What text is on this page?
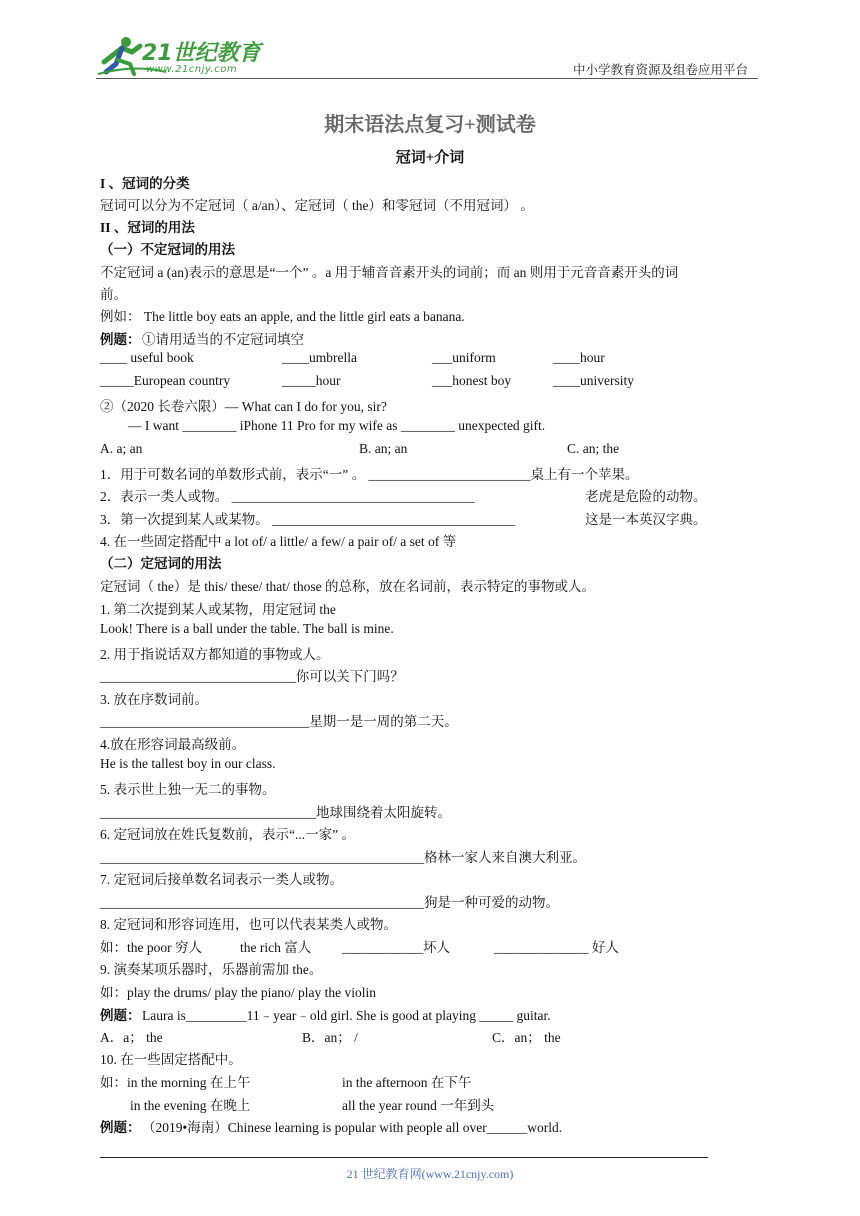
21世纪教育
www.21cnjy.com	中小学教育资源及组卷应用平台
期末语法点复习+测试卷
冠词+介词
I 、冠词的分类
冠词可以分为不定冠词（ a/an）、定冠词（ the）和零冠词（不用冠词） 。
II 、冠词的用法
（一）不定冠词的用法
不定冠词 a (an)表示的意思是“一个” 。a 用于辅音音素开头的词前；而 an 则用于元音音素开头的词
前。
例如： The little boy eats an apple, and the little girl eats a banana.
例题： ①请用适当的不定冠词填空
____ useful book	____umbrella	___uniform	____hour
_____European country	_____hour	___honest boy	____university
②（2020 长卷六限）— What can I do for you, sir?
— I want ________ iPhone 11 Pro for my wife as ________ unexpected gift.
A. a; an	B. an; an	C. an; the
1．用于可数名词的单数形式前，表示“一” 。 ________________________桌上有一个苹果。
2．表示一类人或物。 ____________________________________	老虎是危险的动物。
3．第一次提到某人或某物。 ____________________________________	这是一本英汉字典。
4. 在一些固定搭配中 a lot of/ a little/ a few/ a pair of/ a set of 等
（二）定冠词的用法
定冠词（ the）是 this/ these/ that/ those 的总称，放在名词前，表示特定的事物或人。
1. 第二次提到某人或某物，用定冠词 the
Look! There is a ball under the table. The ball is mine.
2. 用于指说话双方都知道的事物或人。
_____________________________你可以关下门吗？
3. 放在序数词前。
_______________________________星期一是一周的第二天。
4.放在形容词最高级前。
He is the tallest boy in our class.
5. 表示世上独一无二的事物。
________________________________地球围绕着太阳旋转。
6. 定冠词放在姓氏复数前，表示“...一家” 。
________________________________________________格林一家人来自澳大利亚。
7. 定冠词后接单数名词表示一类人或物。
________________________________________________狗是一种可爱的动物。
8. 定冠词和形容词连用，也可以代表某类人或物。
如：the poor 穷人	the rich 富人 ____________坏人	______________ 好人
9. 演奏某项乐器时，乐器前需加 the。
如：play the drums/ play the piano/ play the violin
例题： Laura is_________11﹣year﹣old girl. She is good at playing _____ guitar.
A．a； the	B．an； /	C．an； the
10. 在一些固定搭配中。
如：in the morning 在上午	in the afternoon 在下午
in the evening 在晚上	all the year round 一年到头
例题： （2019•海南）Chinese learning is popular with people all over______world.
21 世纪教育网(www.21cnjy.com)
